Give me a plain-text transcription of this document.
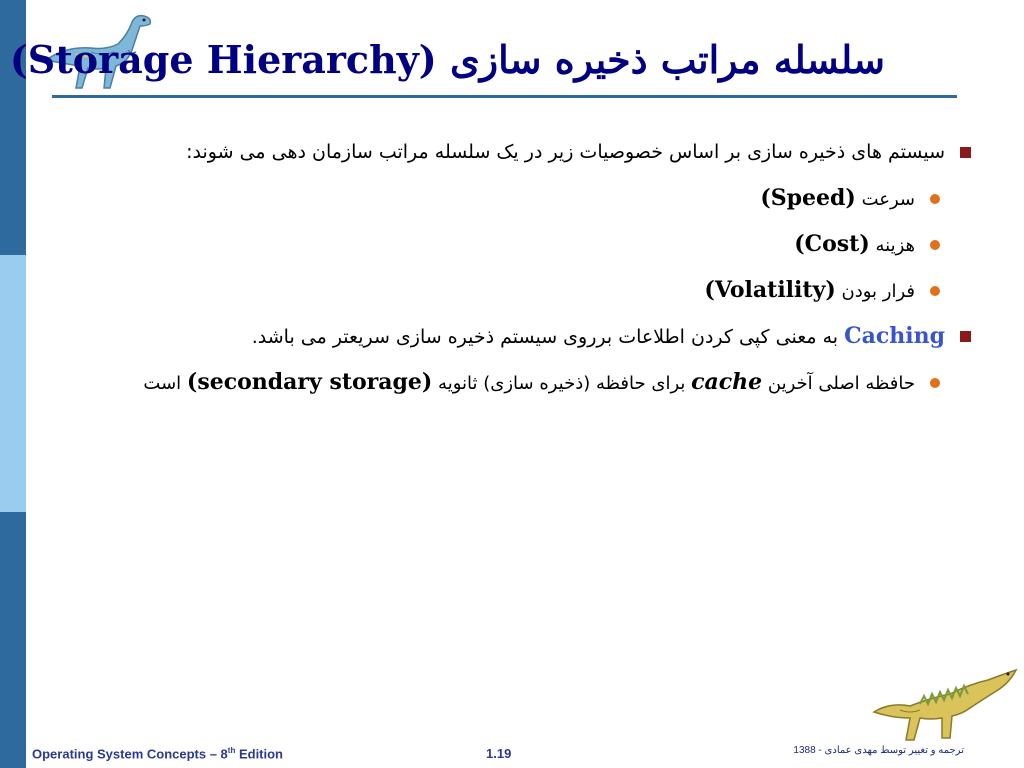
سلسله مراتب ذخیره سازی (Storage Hierarchy)
سیستم های ذخیره سازی بر اساس خصوصیات زیر در یک سلسله مراتب سازمان دهی می شوند:
سرعت (Speed)
هزینه (Cost)
فرار بودن (Volatility)
Caching به معنی کپی کردن اطلاعات برروی سیستم ذخیره سازی سریعتر می باشد.
حافظه اصلی آخرین cache برای حافظه (ذخیره سازی) ثانویه (secondary storage) است
Operating System Concepts – 8th Edition	1.19	ترجمه و تغییر توسط مهدی عمادی - 1388
